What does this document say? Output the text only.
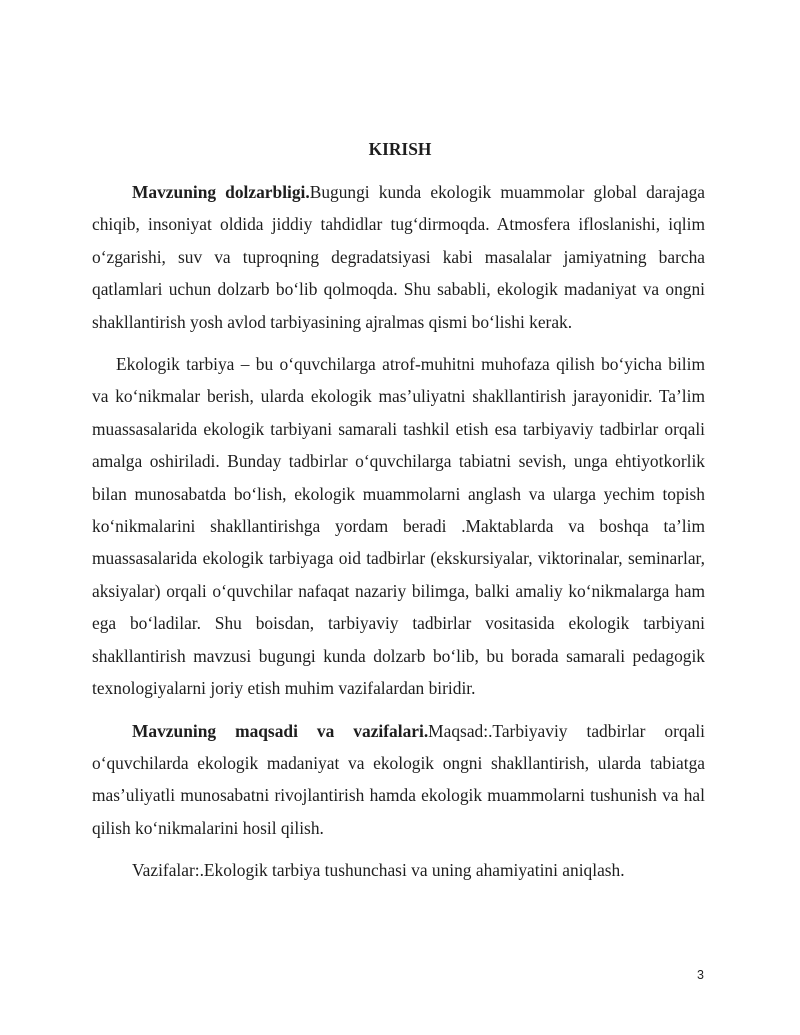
KIRISH

Mavzuning dolzarbligi.Bugungi kunda ekologik muammolar global darajaga chiqib, insoniyat oldida jiddiy tahdidlar tug‘dirmoqda. Atmosfera ifloslanishi, iqlim o‘zgarishi, suv va tuproqning degradatsiyasi kabi masalalar jamiyatning barcha qatlamlari uchun dolzarb bo‘lib qolmoqda. Shu sababli, ekologik madaniyat va ongni shakllantirish yosh avlod tarbiyasining ajralmas qismi bo‘lishi kerak.

Ekologik tarbiya – bu o‘quvchilarga atrof-muhitni muhofaza qilish bo‘yicha bilim va ko‘nikmalar berish, ularda ekologik mas’uliyatni shakllantirish jarayonidir. Ta’lim muassasalarida ekologik tarbiyani samarali tashkil etish esa tarbiyaviy tadbirlar orqali amalga oshiriladi. Bunday tadbirlar o‘quvchilarga tabiatni sevish, unga ehtiyotkorlik bilan munosabatda bo‘lish, ekologik muammolarni anglash va ularga yechim topish ko‘nikmalarini shakllantirishga yordam beradi .Maktablarda va boshqa ta’lim muassasalarida ekologik tarbiyaga oid tadbirlar (ekskursiyalar, viktorinalar, seminarlar, aksiyalar) orqali o‘quvchilar nafaqat nazariy bilimga, balki amaliy ko‘nikmalarga ham ega bo‘ladilar. Shu boisdan, tarbiyaviy tadbirlar vositasida ekologik tarbiyani shakllantirish mavzusi bugungi kunda dolzarb bo‘lib, bu borada samarali pedagogik texnologiyalarni joriy etish muhim vazifalardan biridir.

Mavzuning maqsadi va vazifalari.Maqsad:.Tarbiyaviy tadbirlar orqali o‘quvchilarda ekologik madaniyat va ekologik ongni shakllantirish, ularda tabiatga mas’uliyatli munosabatni rivojlantirish hamda ekologik muammolarni tushunish va hal qilish ko‘nikmalarini hosil qilish.

Vazifalar:.Ekologik tarbiya tushunchasi va uning ahamiyatini aniqlash.

3
